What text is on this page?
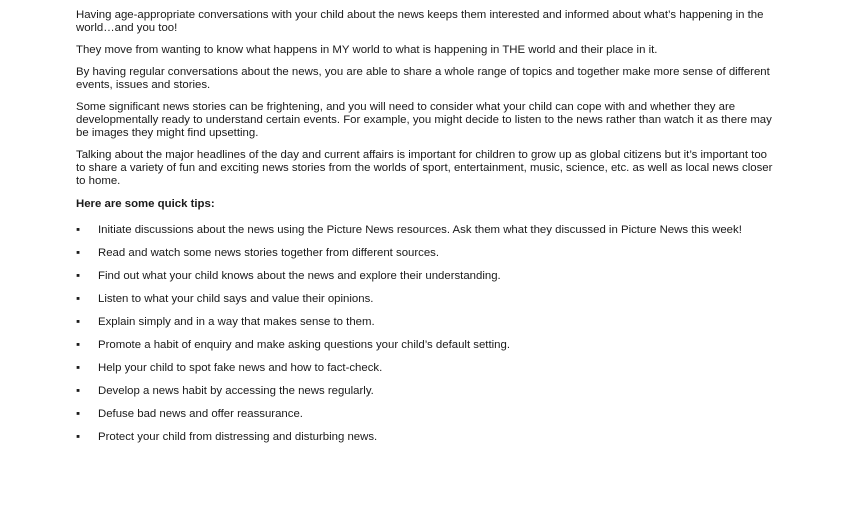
Having age-appropriate conversations with your child about the news keeps them interested and informed about what’s happening in the world…and you too!

They move from wanting to know what happens in MY world to what is happening in THE world and their place in it.

By having regular conversations about the news, you are able to share a whole range of topics and together make more sense of different events, issues and stories.

Some significant news stories can be frightening, and you will need to consider what your child can cope with and whether they are developmentally ready to understand certain events. For example, you might decide to listen to the news rather than watch it as there may be images they might find upsetting.

Talking about the major headlines of the day and current affairs is important for children to grow up as global citizens but it’s important too to share a variety of fun and exciting news stories from the worlds of sport, entertainment, music, science, etc. as well as local news closer to home.

Here are some quick tips:

▪ Initiate discussions about the news using the Picture News resources. Ask them what they discussed in Picture News this week!
▪ Read and watch some news stories together from different sources.
▪ Find out what your child knows about the news and explore their understanding.
▪ Listen to what your child says and value their opinions.
▪ Explain simply and in a way that makes sense to them.
▪ Promote a habit of enquiry and make asking questions your child’s default setting.
▪ Help your child to spot fake news and how to fact-check.
▪ Develop a news habit by accessing the news regularly.
▪ Defuse bad news and offer reassurance.
▪ Protect your child from distressing and disturbing news.
